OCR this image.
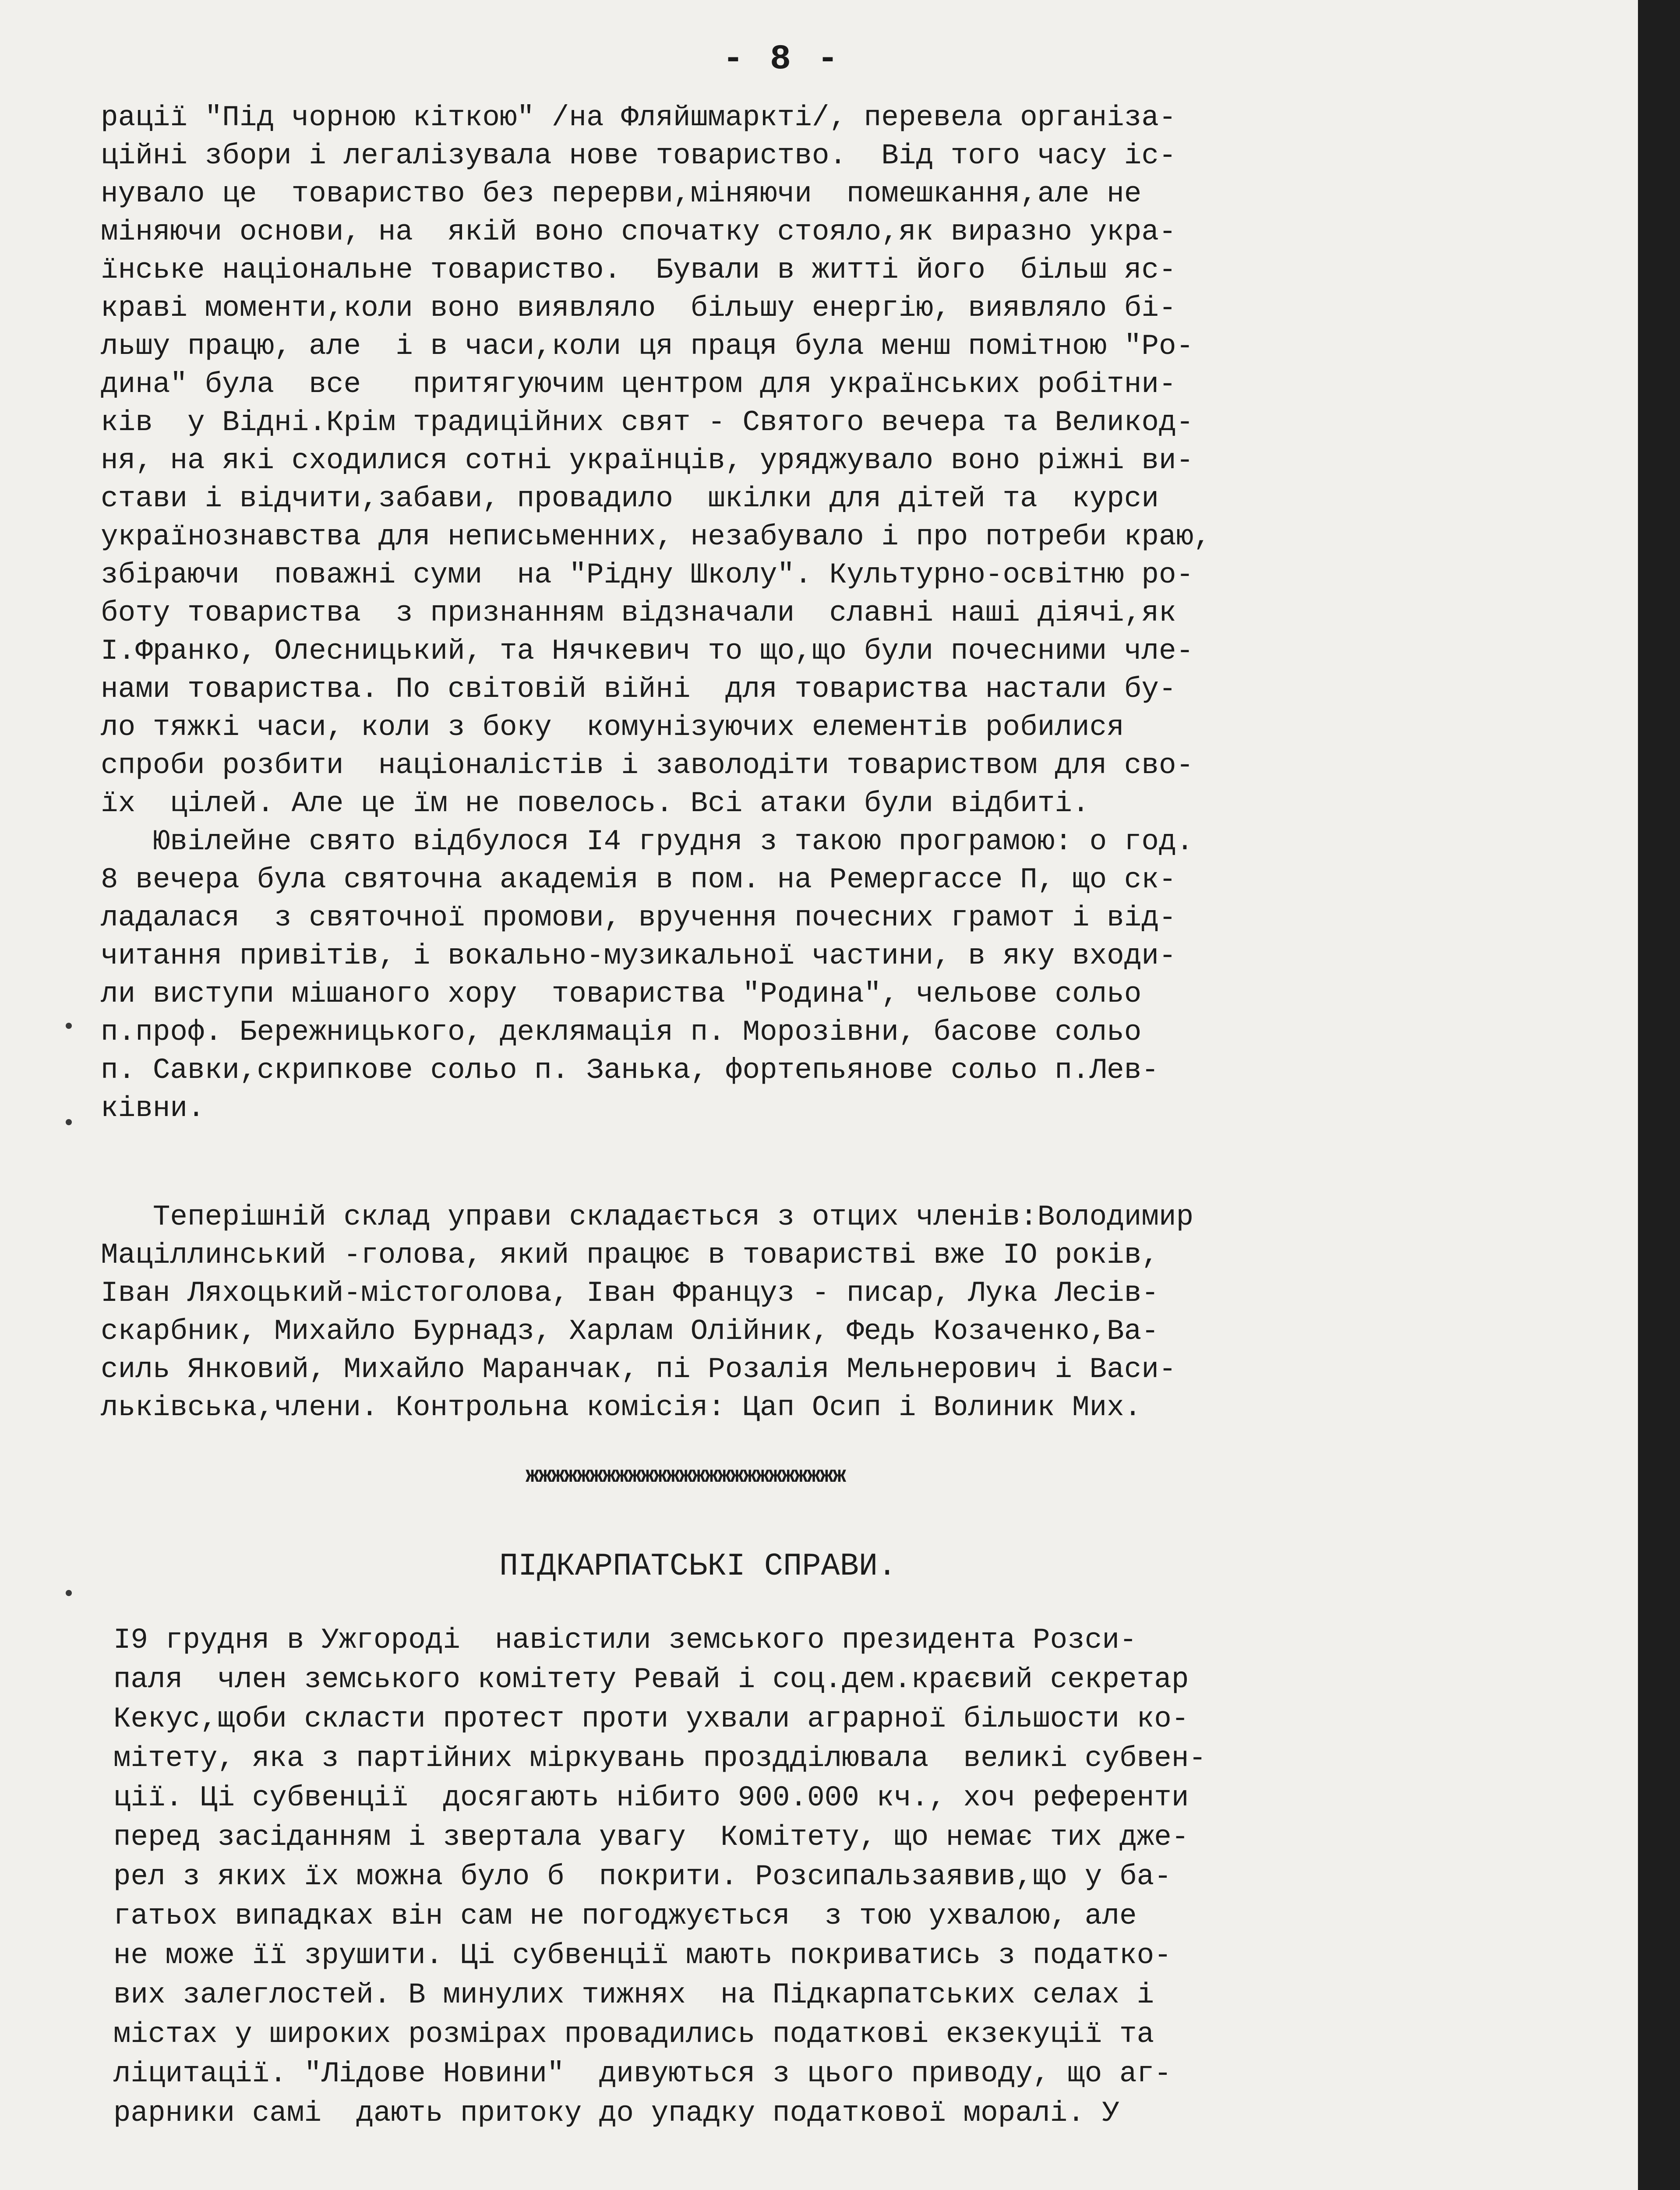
- 8 -
рації "Під чорною кіткою" /на Фляйшмаркті/, перевела організа-
ційні збори і легалізувала нове товариство.  Від того часу іс-
нувало це  товариство без перерви,міняючи  помешкання,але не
міняючи основи, на  якій воно спочатку стояло,як виразно укра-
їнське національне товариство.  Бували в житті його  більш яс-
краві моменти,коли воно виявляло  більшу енергію, виявляло бі-
льшу працю, але  і в часи,коли ця праця була менш помітною "Ро-
дина" була  все   притягуючим центром для українських робітни-
ків  у Відні.Крім традиційних свят - Святого вечера та Великод-
ня, на які сходилися сотні українців, уряджувало воно ріжні ви-
стави і відчити,забави, провадило  шкілки для дітей та  курси
українознавства для неписьменних, незабувало і про потреби краю,
збіраючи  поважні суми  на "Рідну Школу". Культурно-освітню ро-
боту товариства  з признанням відзначали  славні наші діячі,як
І.Франко, Олесницький, та Нячкевич то що,що були почесними чле-
нами товариства. По світовій війні  для товариства настали бу-
ло тяжкі часи, коли з боку  комунізуючих елементів робилися
спроби розбити  націоналістів і заволодіти товариством для сво-
їх  цілей. Але це їм не повелось. Всі атаки були відбиті.
Ювілейне свято відбулося І4 грудня з такою програмою: о год.
8 вечера була святочна академія в пом. на Ремергассе П, що ск-
ладалася  з святочної промови, вручення почесних грамот і від-
читання привітів, і вокально-музикальної частини, в яку входи-
ли виступи мішаного хору  товариства "Родина", чельове сольо
п.проф. Бережницького, деклямація п. Морозівни, басове сольо
п. Савки,скрипкове сольо п. Занька, фортепьянове сольо п.Лев-
ківни.
Теперішній склад управи складається з отцих членів:Володимир
Маціллинський -голова, який працює в товаристві вже ІО років,
Іван Ляхоцький-містоголова, Іван Француз - писар, Лука Лесів-
скарбник, Михайло Бурнадз, Харлам Олійник, Федь Козаченко,Ва-
силь Янковий, Михайло Маранчак, пі Розалія Мельнерович і Васи-
льківська,члени. Контрольна комісія: Цап Осип і Волиник Мих.
жжжжжжжжжжжжжжжжжжжжжжжжж
ПІДКАРПАТСЬКІ СПРАВИ.
І9 грудня в Ужгороді  навістили земського президента Розси-
паля  член земського комітету Ревай і соц.дем.краєвий секретар
Кекус,щоби скласти протест проти ухвали аграрної більшости ко-
мітету, яка з партійних міркувань проздділювала  великі субвен-
ції. Ці субвенції  досягають нібито 900.000 кч., хоч референти
перед засіданням і звертала увагу  Комітету, що немає тих дже-
рел з яких їх можна було б  покрити. Розсипальзаявив,що у ба-
гатьох випадках він сам не погоджується  з тою ухвалою, але
не може її зрушити. Ці субвенції мають покриватись з податко-
вих залеглостей. В минулих тижнях  на Підкарпатських селах і
містах у широких розмірах провадились податкові екзекуції та
ліцитації. "Лідове Новини"  дивуються з цього приводу, що аг-
рарники самі  дають притоку до упадку податкової моралі. У
